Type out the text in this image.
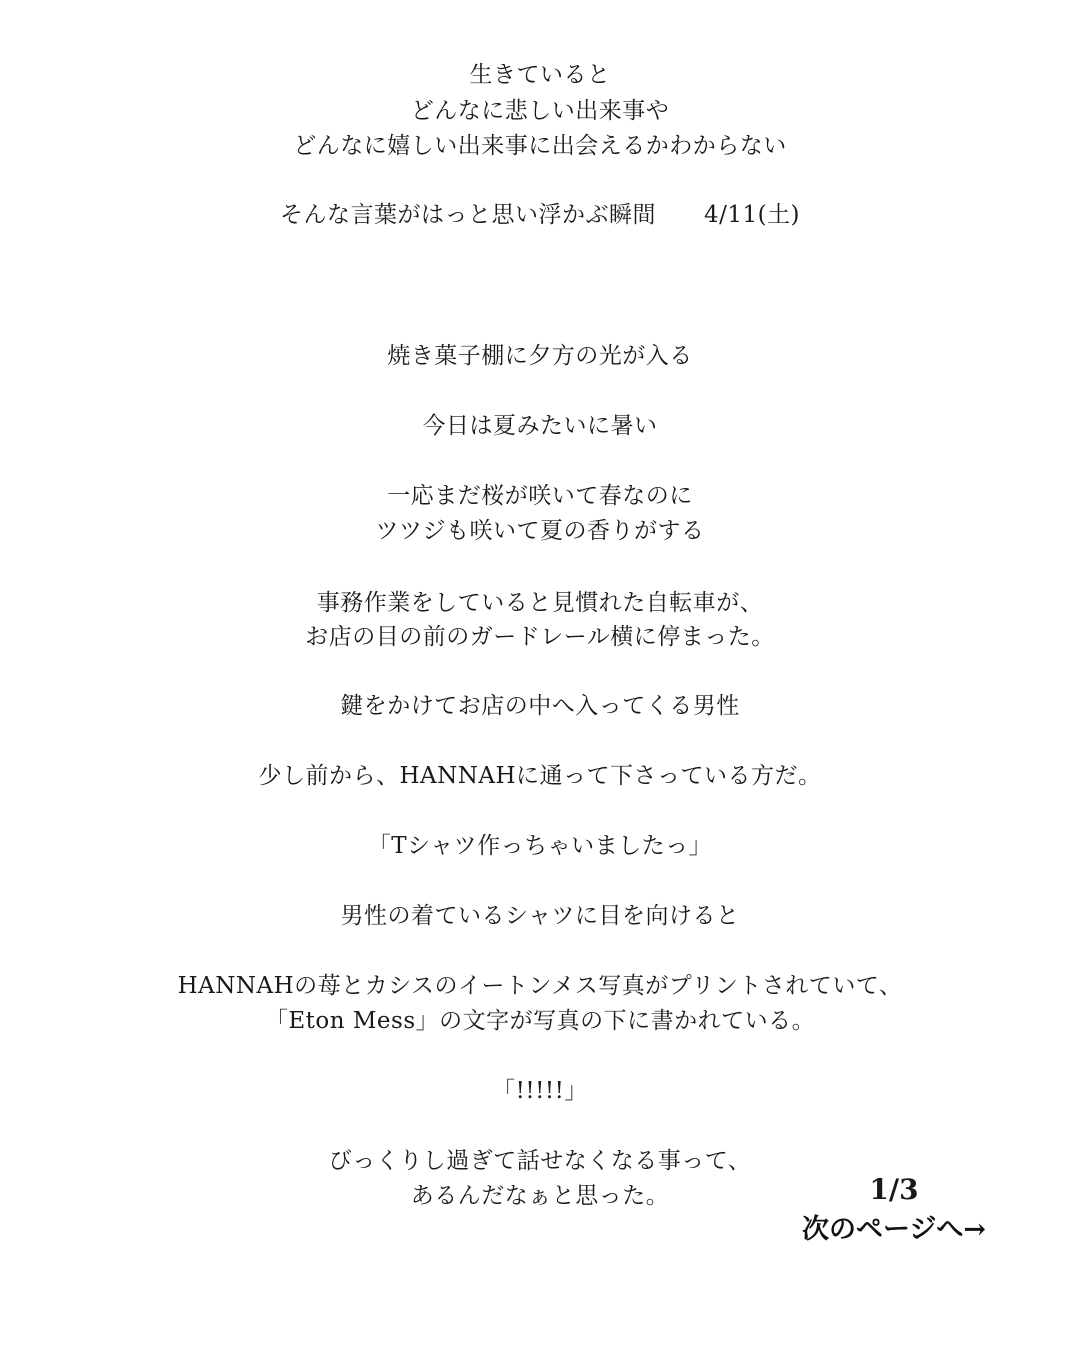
生きていると
どんなに悲しい出来事や
どんなに嬉しい出来事に出会えるかわからない
そんな言葉がはっと思い浮かぶ瞬間 4/11(土)
焼き菓子棚に夕方の光が入る
今日は夏みたいに暑い
一応まだ桜が咲いて春なのに
ツツジも咲いて夏の香りがする
事務作業をしていると見慣れた自転車が、
お店の目の前のガードレール横に停まった。
鍵をかけてお店の中へ入ってくる男性
少し前から、HANNAHに通って下さっている方だ。
「Tシャツ作っちゃいましたっ」
男性の着ているシャツに目を向けると
HANNAHの苺とカシスのイートンメス写真がプリントされていて、
「Eton Mess」の文字が写真の下に書かれている。
「!!!!!」
びっくりし過ぎて話せなくなる事って、
あるんだなぁと思った。	1/3
次のページへ→
